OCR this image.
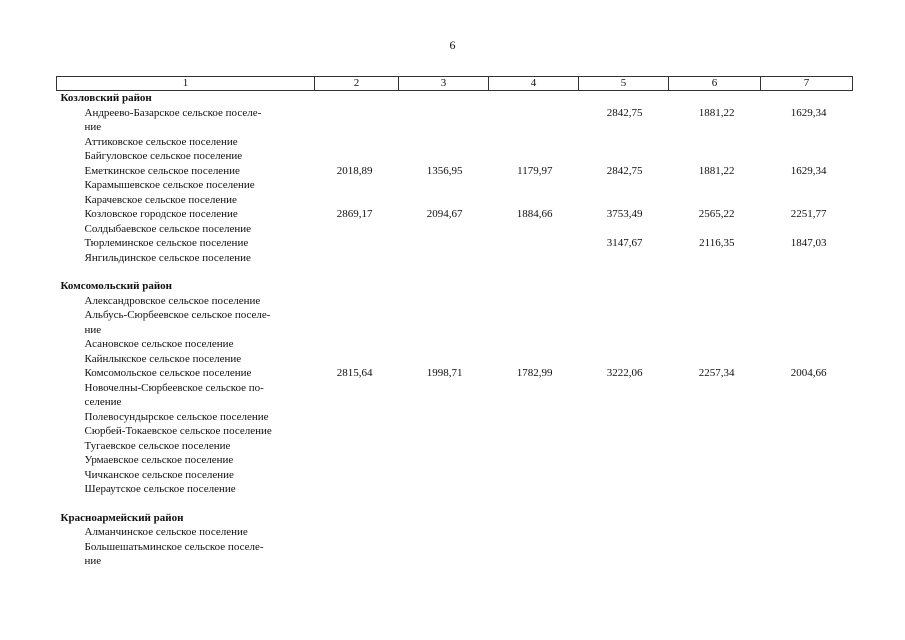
6
1	2	3	4	5	6	7
Козловский район						

Андреево-Базарское сельское поселе-
ние				2842,75	1881,22	1629,34

Аттиковское сельское поселение						

Байгуловское сельское поселение						

Еметкинское сельское поселение	2018,89	1356,95	1179,97	2842,75	1881,22	1629,34

Карамышевское сельское поселение						

Карачевское сельское поселение						

Козловское городское поселение	2869,17	2094,67	1884,66	3753,49	2565,22	2251,77

Солдыбаевское сельское поселение						

Тюрлеминское сельское поселение				3147,67	2116,35	1847,03

Янгильдинское сельское поселение						

Комсомольский район						

Александровское сельское поселение						

Альбусь-Сюрбеевское сельское поселе-
ние						

Асановское сельское поселение						

Кайнлыкское сельское поселение						

Комсомольское сельское поселение	2815,64	1998,71	1782,99	3222,06	2257,34	2004,66

Новочелны-Сюрбеевское сельское по-
селение						

Полевосундырское сельское поселение						

Сюрбей-Токаевское сельское поселение						

Тугаевское сельское поселение						

Урмаевское сельское поселение						

Чичканское сельское поселение						

Шераутское сельское поселение						

Красноармейский район						

Алманчинское сельское поселение						

Большешатьминское сельское поселе-
ние						
